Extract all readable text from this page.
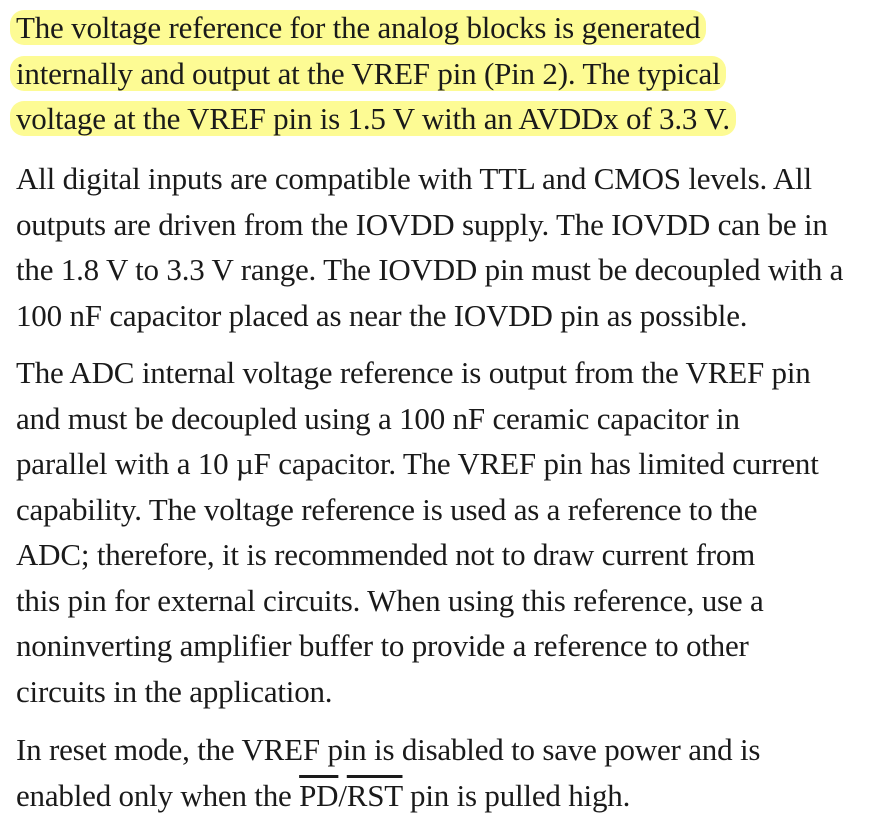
The voltage reference for the analog blocks is generated
internally and output at the VREF pin (Pin 2). The typical
voltage at the VREF pin is 1.5 V with an AVDDx of 3.3 V.

All digital inputs are compatible with TTL and CMOS levels. All
outputs are driven from the IOVDD supply. The IOVDD can be in
the 1.8 V to 3.3 V range. The IOVDD pin must be decoupled with a
100 nF capacitor placed as near the IOVDD pin as possible.

The ADC internal voltage reference is output from the VREF pin
and must be decoupled using a 100 nF ceramic capacitor in
parallel with a 10 µF capacitor. The VREF pin has limited current
capability. The voltage reference is used as a reference to the
ADC; therefore, it is recommended not to draw current from
this pin for external circuits. When using this reference, use a
noninverting amplifier buffer to provide a reference to other
circuits in the application.

In reset mode, the VREF pin is disabled to save power and is
enabled only when the $\overline{PD}/\overline{RST}$ pin is pulled high.
